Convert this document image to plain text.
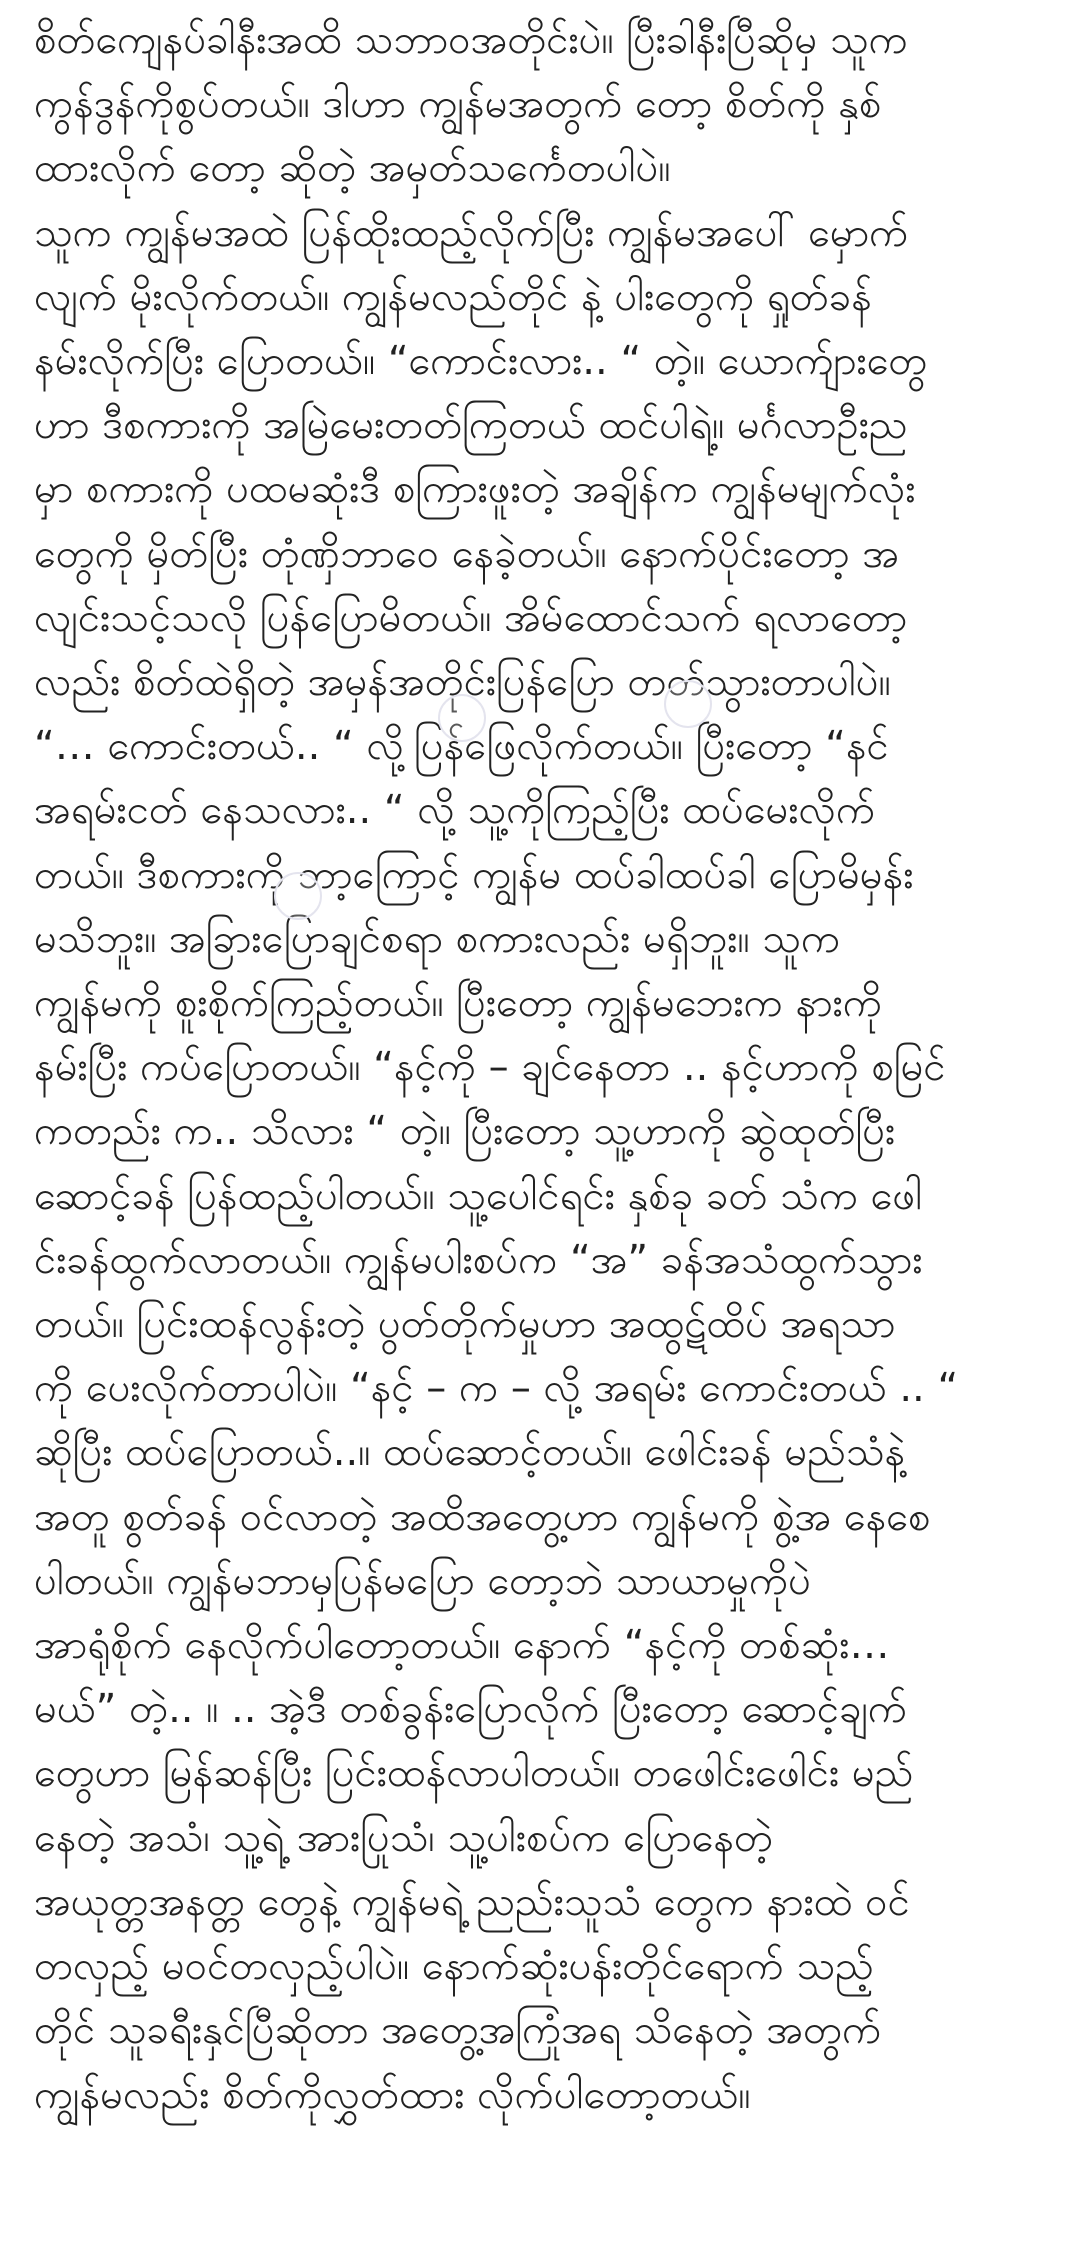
စိတ်ကျေနပ်ခါနီးအထိ သဘာဝအတိုင်းပဲ။ ပြီးခါနီးပြီဆိုမှ သူက
ကွန်ဒွန်ကိုစွပ်တယ်။ ဒါဟာ ကျွန်မအတွက် တော့ စိတ်ကို နှစ်
ထားလိုက် တော့ ဆိုတဲ့ အမှတ်သင်္ကေတပါပဲ။
သူက ကျွန်မအထဲ ပြန်ထိုးထည့်လိုက်ပြီး ကျွန်မအပေါ် မှောက်
လျက် မိုးလိုက်တယ်။ ကျွန်မလည်တိုင် နဲ့ ပါးတွေကို ရှုတ်ခန်
နမ်းလိုက်ပြီး ပြောတယ်။ “ကောင်းလား.. “ တဲ့။ ယောက်ျားတွေ
ဟာ ဒီစကားကို အမြဲမေးတတ်ကြတယ် ထင်ပါရဲ့။ မင်္ဂလာဦးည
မှာ စကားကို ပထမဆုံးဒီ စကြားဖူးတဲ့ အချိန်က ကျွန်မမျက်လုံး
တွေကို မှိတ်ပြီး တုံဏှိဘာဝေ နေခဲ့တယ်။ နောက်ပိုင်းတော့ အ
လျင်းသင့်သလို ပြန်ပြောမိတယ်။ အိမ်ထောင်သက် ရလာတော့
လည်း စိတ်ထဲရှိတဲ့ အမှန်အတိုင်းပြန်ပြော တတ်သွားတာပါပဲ။
“… ကောင်းတယ်.. “ လို့ပြန်ဖြေလိုက်တယ်။ ပြီးတော့ “နင်
အရမ်းငတ် နေသလား.. “ လို့ သူ့ကိုကြည့်ပြီး ထပ်မေးလိုက်
တယ်။ ဒီစကားကို ဘာ့ကြောင့် ကျွန်မ ထပ်ခါထပ်ခါ ပြောမိမှန်း
မသိဘူး။ အခြားပြောချင်စရာ စကားလည်း မရှိဘူး။ သူက
ကျွန်မကို စူးစိုက်ကြည့်တယ်။ ပြီးတော့ ကျွန်မဘေးက နားကို
နမ်းပြီး ကပ်ပြောတယ်။ “နင့်ကို – ချင်နေတာ .. နင့်ဟာကို စမြင်
ကတည်း က.. သိလား “ တဲ့။ ပြီးတော့ သူ့ဟာကို ဆွဲထုတ်ပြီး
ဆောင့်ခန် ပြန်ထည့်ပါတယ်။ သူ့ပေါင်ရင်း နှစ်ခု ခတ် သံက ဖေါ
င်းခန်ထွက်လာတယ်။ ကျွန်မပါးစပ်က “အ” ခန်အသံထွက်သွား
တယ်။ ပြင်းထန်လွန်းတဲ့ ပွတ်တိုက်မှုဟာ အထွဋ်ထိပ် အရသာ
ကို ပေးလိုက်တာပါပဲ။ “နင့် – က – လို့ အရမ်း ကောင်းတယ် .. “
ဆိုပြီး ထပ်ပြောတယ်..။ ထပ်ဆောင့်တယ်။ ဖေါင်းခန် မည်သံနဲ့
အတူ စွတ်ခန် ဝင်လာတဲ့ အထိအတွေ့ဟာ ကျွန်မကို စွဲ့အ နေစေ
ပါတယ်။ ကျွန်မဘာမှပြန်မပြော တော့ဘဲ သာယာမှုကိုပဲ
အာရုံစိုက် နေလိုက်ပါတော့တယ်။ နောက် “နင့်ကို တစ်ဆုံး…
မယ်” တဲ့.. ။ .. အဲ့ဒီ တစ်ခွန်းပြောလိုက် ပြီးတော့ ဆောင့်ချက်
တွေဟာ မြန်ဆန်ပြီး ပြင်းထန်လာပါတယ်။ တဖေါင်းဖေါင်း မည်
နေတဲ့ အသံ၊ သူ့ရဲ့ အားပြုသံ၊ သူ့ပါးစပ်က ပြောနေတဲ့
အယုတ္တအနတ္တ တွေနဲ့ ကျွန်မရဲ့ ညည်းသူသံ တွေက နားထဲ ဝင်
တလှည့် မဝင်တလှည့်ပါပဲ။ နောက်ဆုံးပန်းတိုင်ရောက် သည့်
တိုင် သူခရီးနှင်ပြီဆိုတာ အတွေ့အကြုံအရ သိနေတဲ့ အတွက်
ကျွန်မလည်း စိတ်ကိုလွှတ်ထား လိုက်ပါတော့တယ်။
